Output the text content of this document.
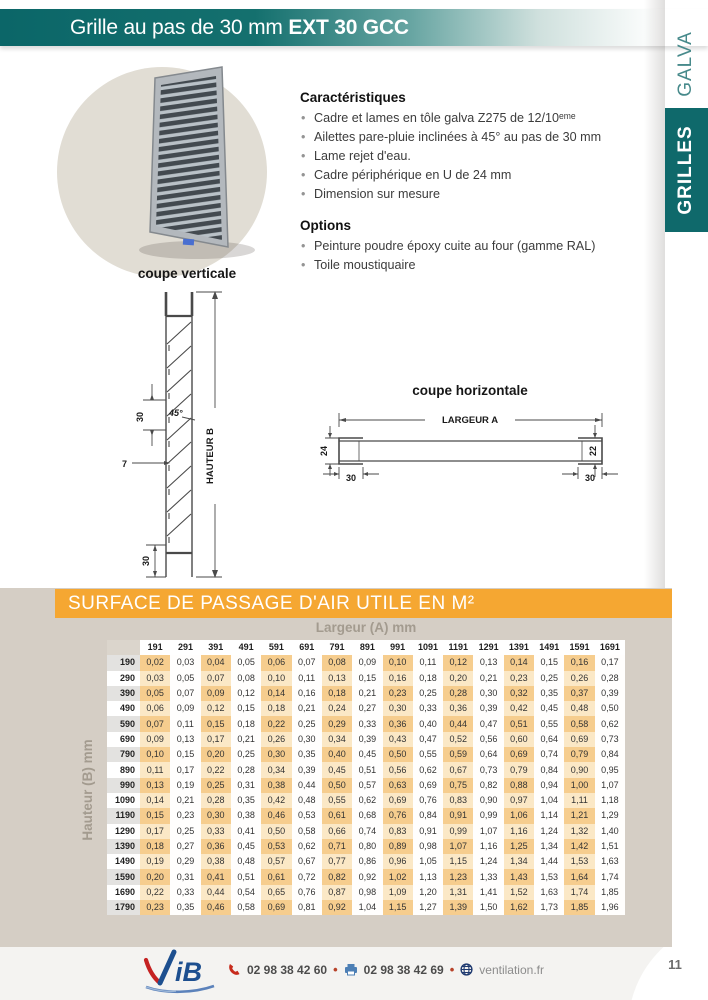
Grille au pas de 30 mm EXT 30 GCC
GRILLES
GALVA
Caractéristiques
• Cadre et lames en tôle galva Z275 de 12/10ᵉᵐᵉ
• Ailettes pare-pluie inclinées à 45° au pas de 30 mm
• Lame rejet d'eau.
• Cadre périphérique en U de 24 mm
• Dimension sur mesure
Options
• Peinture poudre époxy cuite au four (gamme RAL)
• Toile moustiquaire
coupe verticale
45°
30
7
30
HAUTEUR B
coupe horizontale
LARGEUR A
24	22
30	30
SURFACE DE PASSAGE D'AIR UTILE EN M²
Largeur (A) mm
Hauteur (B) mm
	191	291	391	491	591	691	791	891	991	1091	1191	1291	1391	1491	1591	1691
190	0,02	0,03	0,04	0,05	0,06	0,07	0,08	0,09	0,10	0,11	0,12	0,13	0,14	0,15	0,16	0,17
290	0,03	0,05	0,07	0,08	0,10	0,11	0,13	0,15	0,16	0,18	0,20	0,21	0,23	0,25	0,26	0,28
390	0,05	0,07	0,09	0,12	0,14	0,16	0,18	0,21	0,23	0,25	0,28	0,30	0,32	0,35	0,37	0,39
490	0,06	0,09	0,12	0,15	0,18	0,21	0,24	0,27	0,30	0,33	0,36	0,39	0,42	0,45	0,48	0,50
590	0,07	0,11	0,15	0,18	0,22	0,25	0,29	0,33	0,36	0,40	0,44	0,47	0,51	0,55	0,58	0,62
690	0,09	0,13	0,17	0,21	0,26	0,30	0,34	0,39	0,43	0,47	0,52	0,56	0,60	0,64	0,69	0,73
790	0,10	0,15	0,20	0,25	0,30	0,35	0,40	0,45	0,50	0,55	0,59	0,64	0,69	0,74	0,79	0,84
890	0,11	0,17	0,22	0,28	0,34	0,39	0,45	0,51	0,56	0,62	0,67	0,73	0,79	0,84	0,90	0,95
990	0,13	0,19	0,25	0,31	0,38	0,44	0,50	0,57	0,63	0,69	0,75	0,82	0,88	0,94	1,00	1,07
1090	0,14	0,21	0,28	0,35	0,42	0,48	0,55	0,62	0,69	0,76	0,83	0,90	0,97	1,04	1,11	1,18
1190	0,15	0,23	0,30	0,38	0,46	0,53	0,61	0,68	0,76	0,84	0,91	0,99	1,06	1,14	1,21	1,29
1290	0,17	0,25	0,33	0,41	0,50	0,58	0,66	0,74	0,83	0,91	0,99	1,07	1,16	1,24	1,32	1,40
1390	0,18	0,27	0,36	0,45	0,53	0,62	0,71	0,80	0,89	0,98	1,07	1,16	1,25	1,34	1,42	1,51
1490	0,19	0,29	0,38	0,48	0,57	0,67	0,77	0,86	0,96	1,05	1,15	1,24	1,34	1,44	1,53	1,63
1590	0,20	0,31	0,41	0,51	0,61	0,72	0,82	0,92	1,02	1,13	1,23	1,33	1,43	1,53	1,64	1,74
1690	0,22	0,33	0,44	0,54	0,65	0,76	0,87	0,98	1,09	1,20	1,31	1,41	1,52	1,63	1,74	1,85
1790	0,23	0,35	0,46	0,58	0,69	0,81	0,92	1,04	1,15	1,27	1,39	1,50	1,62	1,73	1,85	1,96
iB	02 98 38 42 60 • 02 98 38 42 69 • ventilation.fr	11
